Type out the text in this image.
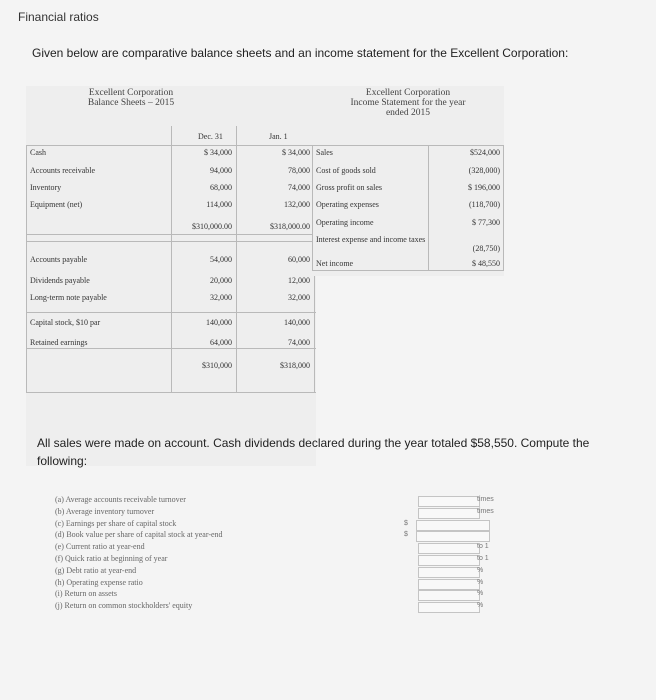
Financial ratios
Given below are comparative balance sheets and an income statement for the Excellent Corporation:
Excellent Corporation
Balance Sheets – 2015
Dec. 31	Jan. 1
Cash	$ 34,000	$ 34,000
Accounts receivable	94,000	78,000
Inventory	68,000	74,000
Equipment (net)	114,000	132,000
$310,000.00	$318,000.00
Accounts payable	54,000	60,000
Dividends payable	20,000	12,000
Long-term note payable	32,000	32,000
Capital stock, $10 par	140,000	140,000
Retained earnings	64,000	74,000
$310,000	$318,000
Excellent Corporation
Income Statement for the year
ended 2015
Sales	$524,000
Cost of goods sold	(328,000)
Gross profit on sales	$ 196,000
Operating expenses	(118,700)
Operating income	$ 77,300
Interest expense and income taxes
(28,750)
Net income	$ 48,550
All sales were made on account. Cash dividends declared during the year totaled $58,550. Compute the following:
(a) Average accounts receivable turnover	times
(b) Average inventory turnover	times
(c) Earnings per share of capital stock	$
(d) Book value per share of capital stock at year-end	$
(e) Current ratio at year-end	to 1
(f) Quick ratio at beginning of year	to 1
(g) Debt ratio at year-end	%
(h) Operating expense ratio	%
(i) Return on assets	%
(j) Return on common stockholders' equity	%
